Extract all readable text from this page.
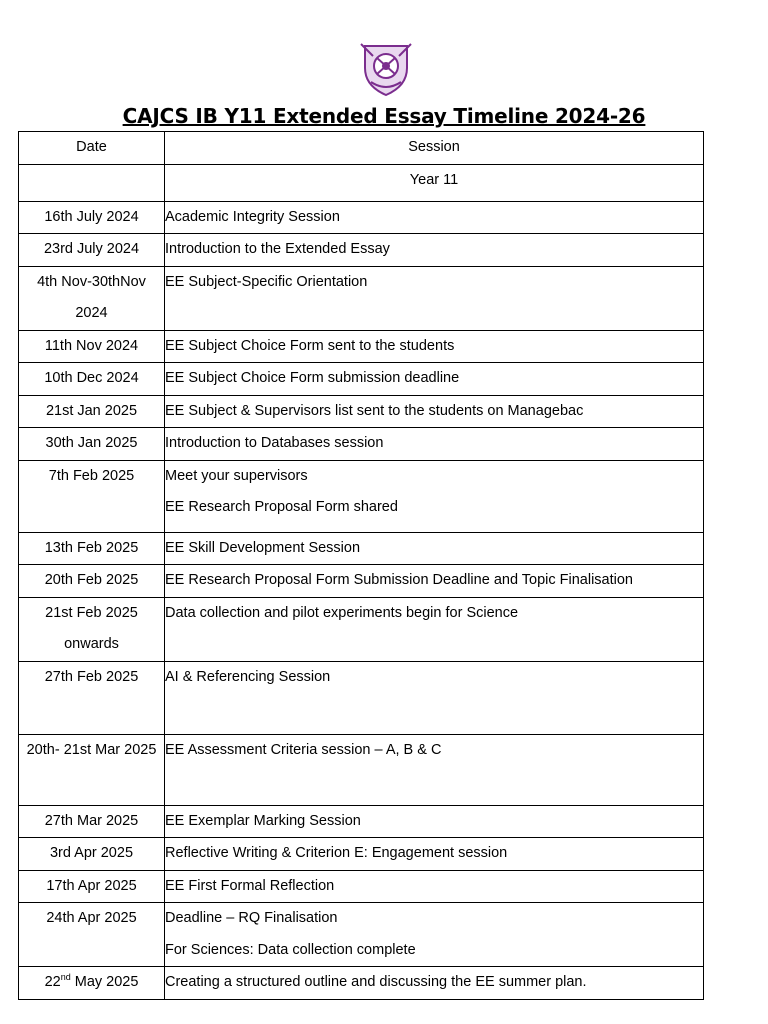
CAJCS IB Y11 Extended Essay Timeline 2024-26
Date	Session
	Year 11
16th July 2024	Academic Integrity Session

23rd July 2024	Introduction to the Extended Essay

4th Nov-30thNov 2024	EE Subject-Specific Orientation

11th Nov 2024	EE Subject Choice Form sent to the students

10th Dec 2024	EE Subject Choice Form submission deadline

21st Jan 2025	EE Subject & Supervisors list sent to the students on Managebac

30th Jan 2025	Introduction to Databases session

7th Feb 2025	Meet your supervisors
EE Research Proposal Form shared

13th Feb 2025	EE Skill Development Session

20th Feb 2025	EE Research Proposal Form Submission Deadline and Topic Finalisation

21st Feb 2025 onwards	Data collection and pilot experiments begin for Science

27th Feb 2025	AI & Referencing Session

20th- 21st Mar 2025	EE Assessment Criteria session – A, B & C

27th Mar 2025	EE Exemplar Marking Session

3rd Apr 2025	Reflective Writing & Criterion E: Engagement session

17th Apr 2025	EE First Formal Reflection

24th Apr 2025	Deadline – RQ Finalisation
For Sciences: Data collection complete

22nd May 2025	Creating a structured outline and discussing the EE summer plan.
